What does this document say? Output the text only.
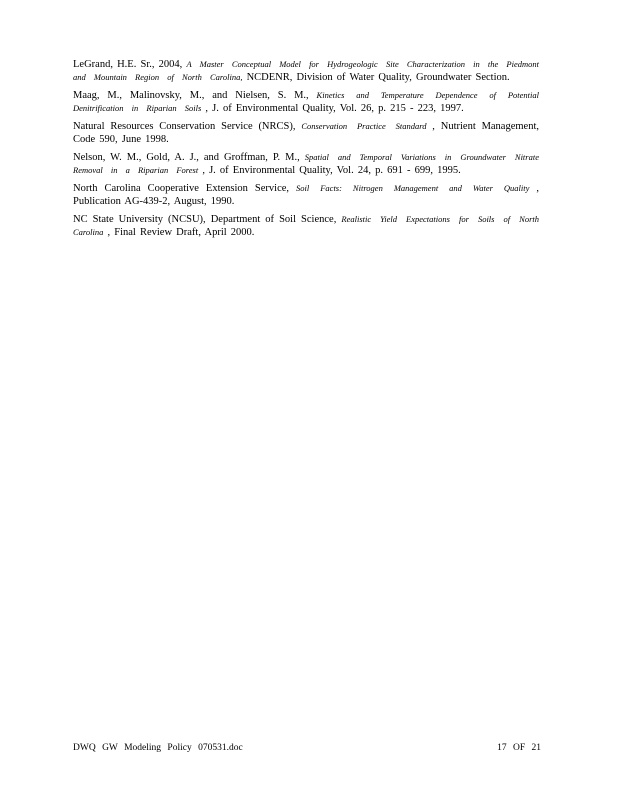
LeGrand, H.E. Sr., 2004, A Master Conceptual Model for Hydrogeologic Site Characterization in the Piedmont and Mountain Region of North Carolina, NCDENR, Division of Water Quality, Groundwater Section.

Maag, M., Malinovsky, M., and Nielsen, S. M., Kinetics and Temperature Dependence of Potential Denitrification in Riparian Soils , J. of Environmental Quality, Vol. 26, p. 215 - 223, 1997.

Natural Resources Conservation Service (NRCS), Conservation Practice Standard , Nutrient Management, Code 590, June 1998.

Nelson, W. M., Gold, A. J., and Groffman, P. M., Spatial and Temporal Variations in Groundwater Nitrate Removal in a Riparian Forest , J. of Environmental Quality, Vol. 24, p. 691 - 699, 1995.

North Carolina Cooperative Extension Service, Soil Facts: Nitrogen Management and Water Quality , Publication AG-439-2, August, 1990.

NC State University (NCSU), Department of Soil Science, Realistic Yield Expectations for Soils of North Carolina , Final Review Draft, April 2000.

DWQ GW Modeling Policy 070531.doc	17 OF 21
